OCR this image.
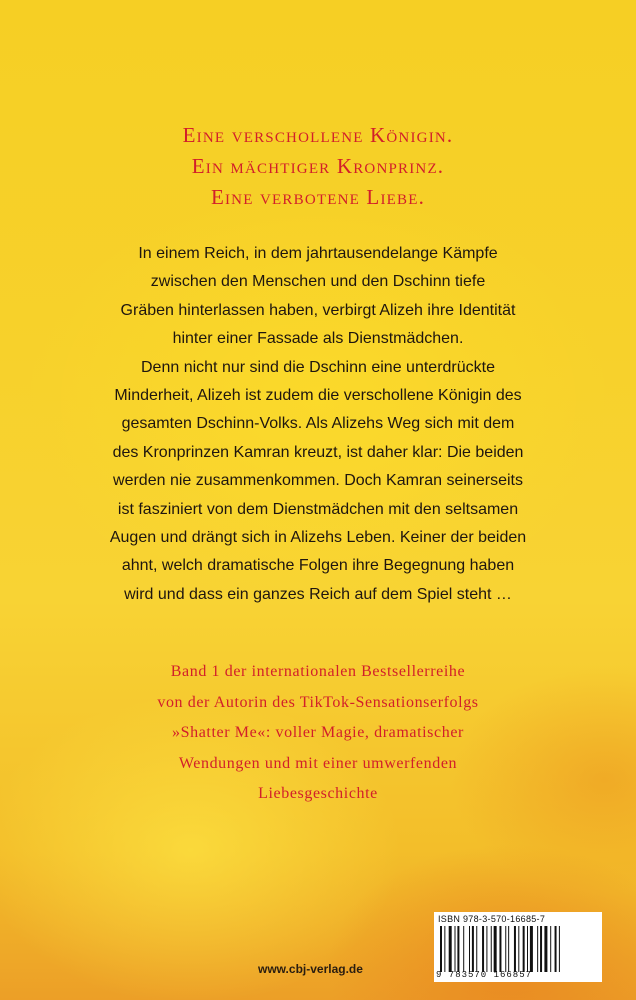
Eine verschollene Königin.
Ein mächtiger Kronprinz.
Eine verbotene Liebe.
In einem Reich, in dem jahrtausendelange Kämpfe
zwischen den Menschen und den Dschinn tiefe
Gräben hinterlassen haben, verbirgt Alizeh ihre Identität
hinter einer Fassade als Dienstmädchen.
Denn nicht nur sind die Dschinn eine unterdrückte
Minderheit, Alizeh ist zudem die verschollene Königin des
gesamten Dschinn-Volks. Als Alizehs Weg sich mit dem
des Kronprinzen Kamran kreuzt, ist daher klar: Die beiden
werden nie zusammenkommen. Doch Kamran seinerseits
ist fasziniert von dem Dienstmädchen mit den seltsamen
Augen und drängt sich in Alizehs Leben. Keiner der beiden
ahnt, welch dramatische Folgen ihre Begegnung haben
wird und dass ein ganzes Reich auf dem Spiel steht …
Band 1 der internationalen Bestsellerreihe
von der Autorin des TikTok-Sensationserfolgs
»Shatter Me«: voller Magie, dramatischer
Wendungen und mit einer umwerfenden
Liebesgeschichte
ISBN 978-3-570-16685-7
9 783570 166857
www.cbj-verlag.de
